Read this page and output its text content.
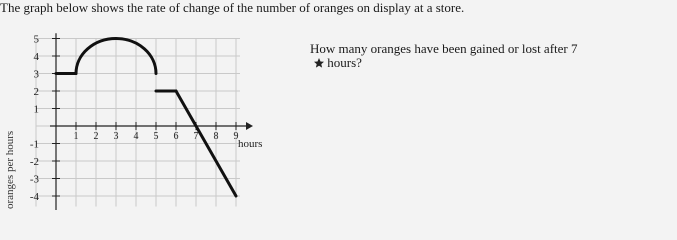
The graph below shows the rate of change of the number of oranges on display at a store.
5
4
3
2
1
-1
-2
-3
-4
1 2 3 4 5 6 7 8 9
oranges per hours	hours
How many oranges have been gained or lost after 7
hours?
